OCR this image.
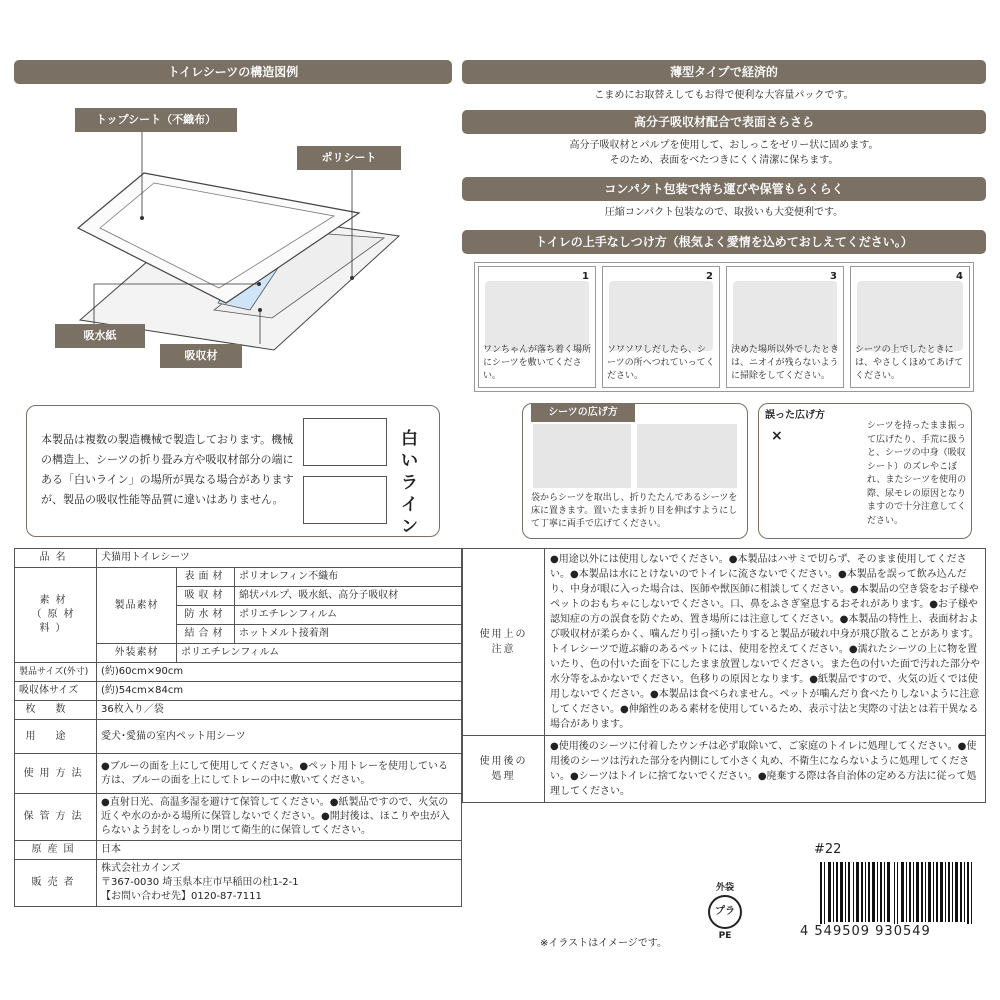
トイレシーツの構造図例
トップシート（不織布）
ポリシート
吸水紙
吸収材
薄型タイプで経済的
こまめにお取替えしてもお得で便利な大容量パックです。
高分子吸収材配合で表面さらさら
高分子吸収材とパルプを使用して、おしっこをゼリー状に固めます。
そのため、表面をべたつきにくく清潔に保ちます。
コンパクト包装で持ち運びや保管もらくらく
圧縮コンパクト包装なので、取扱いも大変便利です。
トイレの上手なしつけ方（根気よく愛情を込めておしえてください。）
1
ワンちゃんが落ち着く場所にシーツを敷いてください。
2
ソワソワしだしたら、シーツの所へつれていってください。
3
決めた場所以外でしたときは、ニオイが残らないように掃除をしてください。
4
シーツの上でしたときには、やさしくほめてあげてください。
本製品は複数の製造機械で製造しております。機械の構造上、シーツの折り畳み方や吸収材部分の端にある「白いライン」の場所が異なる場合がありますが、製品の吸収性能等品質に違いはありません。
白いライン
シーツの広げ方
袋からシーツを取出し、折りたたんであるシーツを床に置きます。置いたまま折り目を伸ばすようにして丁寧に両手で広げてください。
誤った広げ方
×
シーツを持ったまま振って広げたり、手荒に扱うと、シーツの中身（吸収シート）のズレやこぼれ、またシーツを使用の際、尿モレの原因となりますので十分注意してください。
品名	犬猫用トイレシーツ		
素材
（原材料）	製品素材	表面材	ポリオレフィン不織布
		吸収材	綿状パルプ、吸水紙、高分子吸収材
		防水材	ポリエチレンフィルム
		結合材	ホットメルト接着剤
	外装素材	ポリエチレンフィルム	
製品サイズ(外寸)	(約)60cm×90cm		
吸収体サイズ	(約)54cm×84cm		
枚数	36枚入り／袋		
用途	愛犬･愛猫の室内ペット用シーツ		
使用方法	●ブルーの面を上にして使用してください。●ペット用トレーを使用している方は、ブルーの面を上にしてトレーの中に敷いてください。		
保管方法	●直射日光、高温多湿を避けて保管してください。●紙製品ですので、火気の近くや水のかかる場所に保管しないでください。●開封後は、ほこりや虫が入らないよう封をしっかり閉じて衛生的に保管してください。		
原産国	日本		
販売者	株式会社カインズ
〒367-0030 埼玉県本庄市早稲田の杜1-2-1
【お問い合わせ先】0120-87-7111		
使用上の
注意	●用途以外には使用しないでください。●本製品はハサミで切らず、そのまま使用してください。●本製品は水にとけないのでトイレに流さないでください。●本製品を誤って飲み込んだり、中身が眼に入った場合は、医師や獣医師に相談してください。●本製品の空き袋をお子様やペットのおもちゃにしないでください。口、鼻をふさぎ窒息するおそれがあります。●お子様や認知症の方の誤食を防ぐため、置き場所には注意してください。●本製品の特性上、表面材および吸収材が柔らかく、噛んだり引っ掻いたりすると製品が破れ中身が飛び散ることがあります。トイレシーツで遊ぶ癖のあるペットには、使用を控えてください。●濡れたシーツの上に物を置いたり、色の付いた面を下にしたまま放置しないでください。また色の付いた面で汚れた部分や水分等をふかないでください。色移りの原因となります。●紙製品ですので、火気の近くでは使用しないでください。●本製品は食べられません。ペットが噛んだり食べたりしないように注意してください。●伸縮性のある素材を使用しているため、表示寸法と実際の寸法とは若干異なる場合があります。
使用後の
処理	●使用後のシーツに付着したウンチは必ず取除いて、ご家庭のトイレに処理してください。●使用後のシーツは汚れた部分を内側にして小さく丸め、不衛生にならないように処理してください。●シーツはトイレに捨てないでください。●廃棄する際は各自治体の定める方法に従って処理してください。
※イラストはイメージです。
外袋
プラ
PE
#22
4 549509 930549
